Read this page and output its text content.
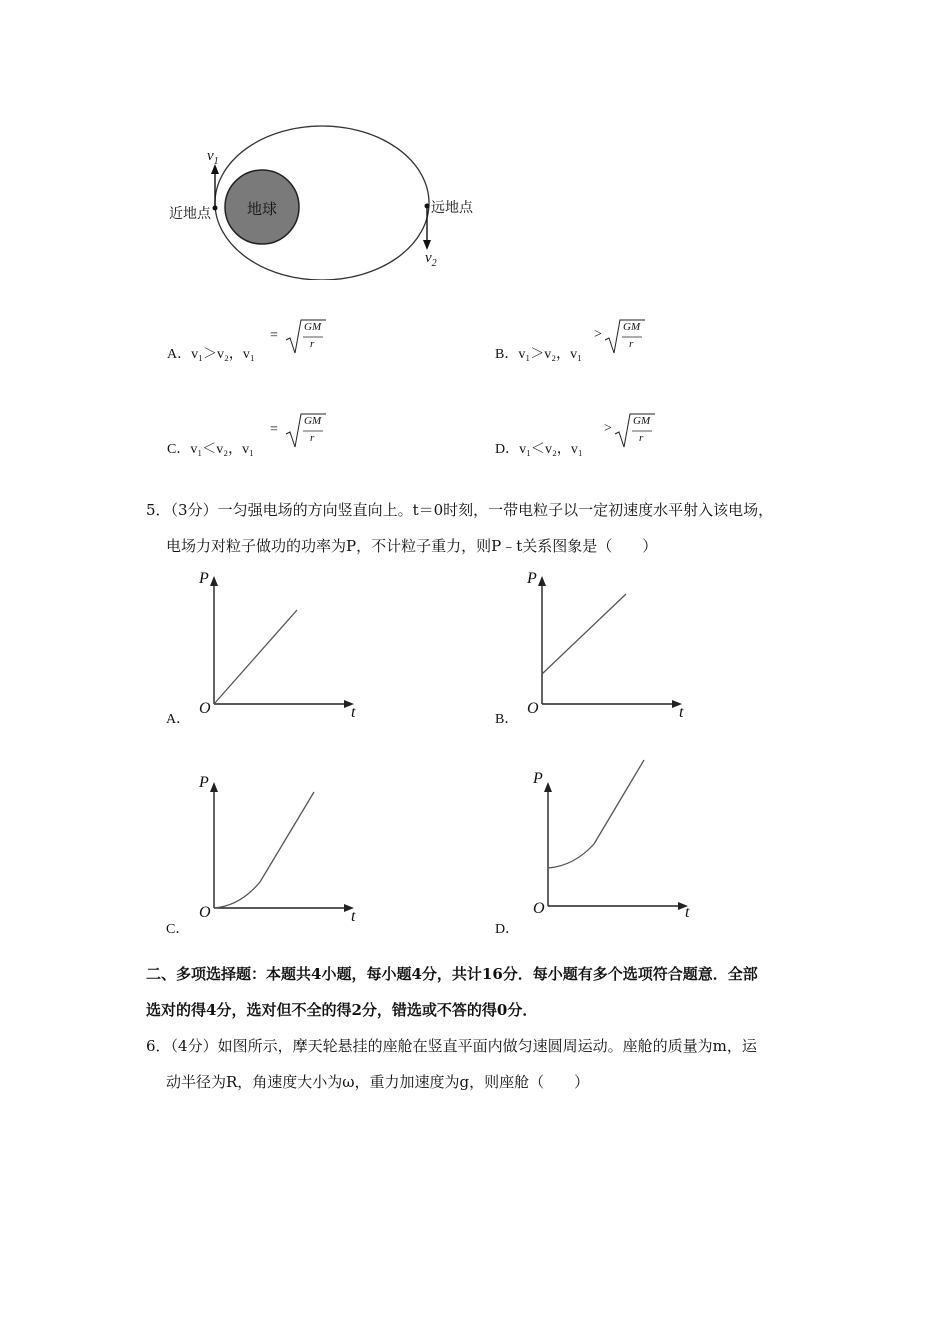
地球
近地点	远地点
$v_1$
$v_2$
A．v₁＞v₂，v₁
=
GM
r
B．v₁＞v₂，v₁
> GM
r
C．v₁＜v₂，v₁
=
GM
r
D．v₁＜v₂，v₁
> GM
r
5．（3分）一匀强电场的方向竖直向上。t＝0时刻，一带电粒子以一定初速度水平射入该电场，
电场力对粒子做功的功率为P，不计粒子重力，则P﹣t关系图象是（　　）
P
t
O
A．
P
t
O
B．
P
t
O
C．
P
t
O
D．
二、多项选择题：本题共4小题，每小题4分，共计16分．每小题有多个选项符合题意．全部
选对的得4分，选对但不全的得2分，错选或不答的得0分．
6．（4分）如图所示，摩天轮悬挂的座舱在竖直平面内做匀速圆周运动。座舱的质量为m，运
动半径为R，角速度大小为ω，重力加速度为g，则座舱（　　）
